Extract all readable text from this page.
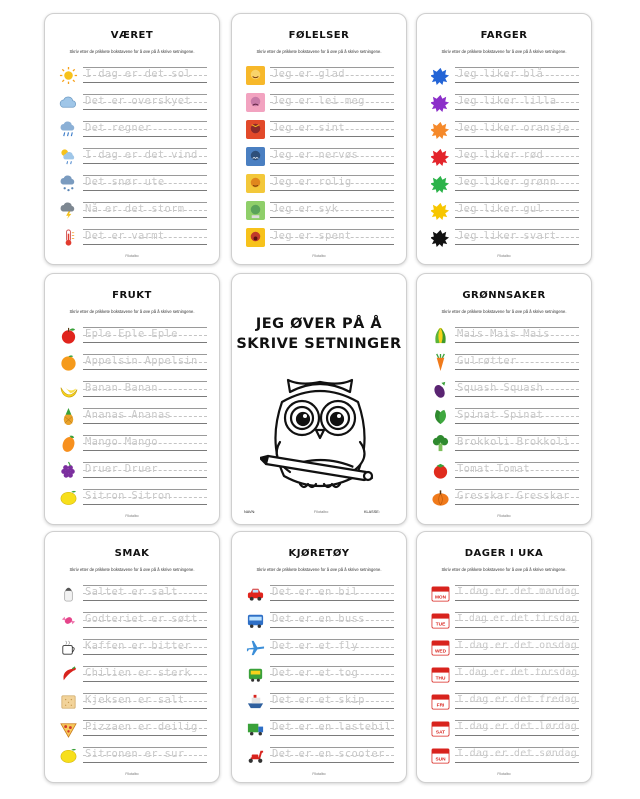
VÆRET
Skriv etter de prikkete bokstavene for å øve på å skrive setningene.
I dag er det sol
Det er overskyet
Det regner
I dag er det vind
Det snør ute
Nå er det storm
Det er varmt
Filotalbo
FØLELSER
Skriv etter de prikkete bokstavene for å øve på å skrive setningene.
Jeg er glad
Jeg er lei meg
Jeg er sint
Jeg er nervøs
Jeg er rolig
Jeg er syk
Jeg er spent
Filotalbo
FARGER
Skriv etter de prikkete bokstavene for å øve på å skrive setningene.
Jeg liker blå
Jeg liker lilla
Jeg liker oransje
Jeg liker rød
Jeg liker grønn
Jeg liker gul
Jeg liker svart
Filotalbo
FRUKT
Skriv etter de prikkete bokstavene for å øve på å skrive setningene.
Eple Eple Eple
Appelsin Appelsin
Banan Banan
Ananas Ananas
Mango Mango
Druer Druer
Sitron Sitron
Filotalbo
JEG ØVER PÅ Å
SKRIVE SETNINGER
NAVN:	Filotalbo	KLASSE:
GRØNNSAKER
Skriv etter de prikkete bokstavene for å øve på å skrive setningene.
Mais Mais Mais
Gulrøtter
Squash Squash
Spinat Spinat
Brokkoli Brokkoli
Tomat Tomat
Gresskar Gresskar
Filotalbo
SMAK
Skriv etter de prikkete bokstavene for å øve på å skrive setningene.
Saltet er salt
Godteriet er søtt
Kaffen er bitter
Chilien er sterk
Kjeksen er salt
Pizzaen er deilig
Sitronen er sur
Filotalbo
KJØRETØY
Skriv etter de prikkete bokstavene for å øve på å skrive setningene.
Det er en bil
Det er en buss
Det er et fly
Det er et tog
Det er et skip
Det er en lastebil
Det er en scooter
Filotalbo
DAGER I UKA
Skriv etter de prikkete bokstavene for å øve på å skrive setningene.
MON
I dag er det mandag
TUE
I dag er det tirsdag
WED
I dag er det onsdag
THU
I dag er det torsdag
FRI
I dag er det fredag
SAT
I dag er det lørdag
SUN
I dag er det søndag
Filotalbo
